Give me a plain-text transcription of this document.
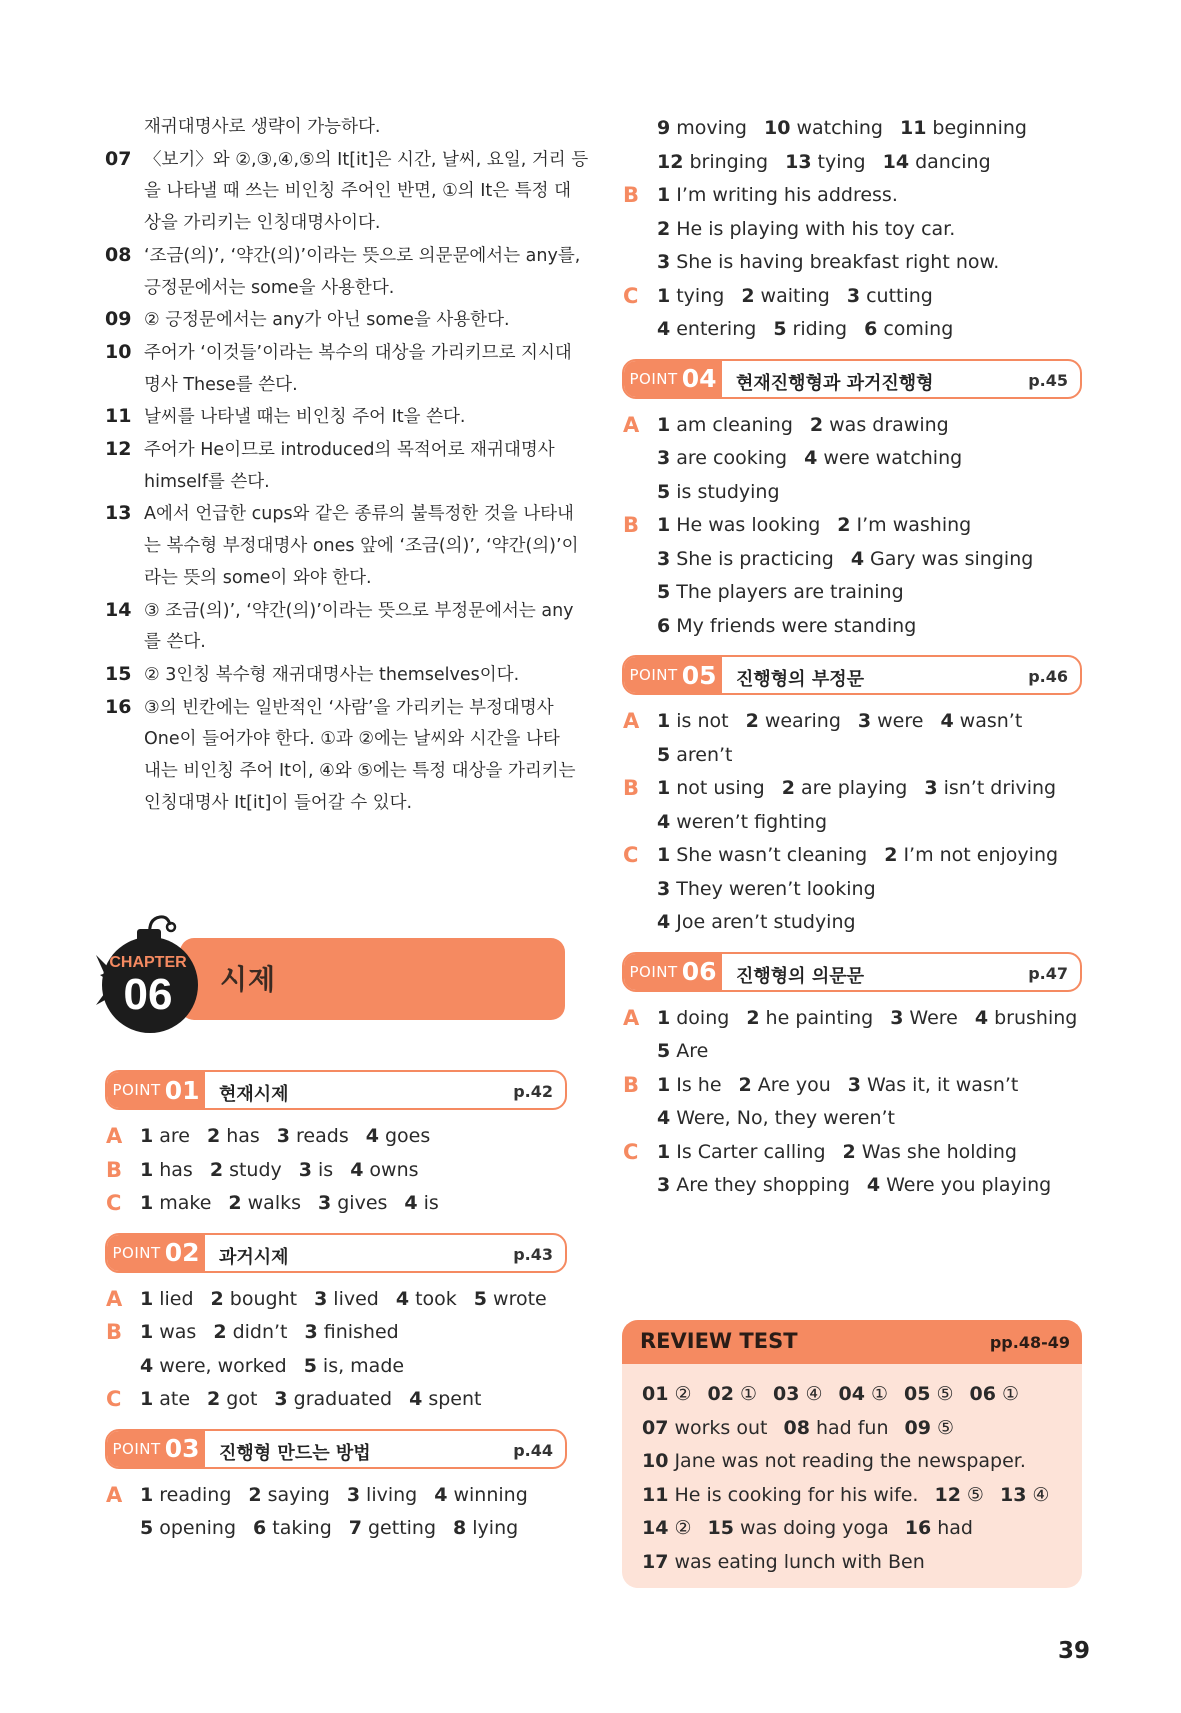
재귀대명사로 생략이 가능하다.
07 〈보기〉와 ②,③,④,⑤의 It[it]은 시간, 날씨, 요일, 거리 등
을 나타낼 때 쓰는 비인칭 주어인 반면, ①의 It은 특정 대
상을 가리키는 인칭대명사이다.
08 ‘조금(의)’, ‘약간(의)’이라는 뜻으로 의문문에서는 any를,
긍정문에서는 some을 사용한다.
09 ② 긍정문에서는 any가 아닌 some을 사용한다.
10 주어가 ‘이것들’이라는 복수의 대상을 가리키므로 지시대
명사 These를 쓴다.
11 날씨를 나타낼 때는 비인칭 주어 It을 쓴다.
12 주어가 He이므로 introduced의 목적어로 재귀대명사
himself를 쓴다.
13 A에서 언급한 cups와 같은 종류의 불특정한 것을 나타내
는 복수형 부정대명사 ones 앞에 ‘조금(의)’, ‘약간(의)’이
라는 뜻의 some이 와야 한다.
14 ③ 조금(의)’, ‘약간(의)’이라는 뜻으로 부정문에서는 any
를 쓴다.
15 ② 3인칭 복수형 재귀대명사는 themselves이다.
16 ③의 빈칸에는 일반적인 ‘사람’을 가리키는 부정대명사
One이 들어가야 한다. ①과 ②에는 날씨와 시간을 나타
내는 비인칭 주어 It이, ④와 ⑤에는 특정 대상을 가리키는
인칭대명사 It[it]이 들어갈 수 있다.
CHAPTER
06 시제
POINT 01 현재시제	p.42
A 1 are 2 has 3 reads 4 goes
B 1 has 2 study 3 is 4 owns
C 1 make 2 walks 3 gives 4 is
POINT 02 과거시제	p.43
A 1 lied 2 bought 3 lived 4 took 5 wrote
B 1 was 2 didn’t 3 finished
4 were, worked 5 is, made
C 1 ate 2 got 3 graduated 4 spent
POINT 03 진행형 만드는 방법	p.44
A 1 reading 2 saying 3 living 4 winning
5 opening 6 taking 7 getting 8 lying
9 moving 10 watching 11 beginning
12 bringing 13 tying 14 dancing
B 1 I’m writing his address.
2 He is playing with his toy car.
3 She is having breakfast right now.
C 1 tying 2 waiting 3 cutting
4 entering 5 riding 6 coming
POINT 04 현재진행형과 과거진행형	p.45
A 1 am cleaning 2 was drawing
3 are cooking 4 were watching
5 is studying
B 1 He was looking 2 I’m washing
3 She is practicing 4 Gary was singing
5 The players are training
6 My friends were standing
POINT 05 진행형의 부정문	p.46
A 1 is not 2 wearing 3 were 4 wasn’t
5 aren’t
B 1 not using 2 are playing 3 isn’t driving
4 weren’t fighting
C 1 She wasn’t cleaning 2 I’m not enjoying
3 They weren’t looking
4 Joe aren’t studying
POINT 06 진행형의 의문문	p.47
A 1 doing 2 he painting 3 Were 4 brushing
5 Are
B 1 Is he 2 Are you 3 Was it, it wasn’t
4 Were, No, they weren’t
C 1 Is Carter calling 2 Was she holding
3 Are they shopping 4 Were you playing
REVIEW TEST	pp.48-49
01 ② 02 ① 03 ④ 04 ① 05 ⑤ 06 ①
07 works out 08 had fun 09 ⑤
10 Jane was not reading the newspaper.
11 He is cooking for his wife. 12 ⑤ 13 ④
14 ② 15 was doing yoga 16 had
17 was eating lunch with Ben
39
